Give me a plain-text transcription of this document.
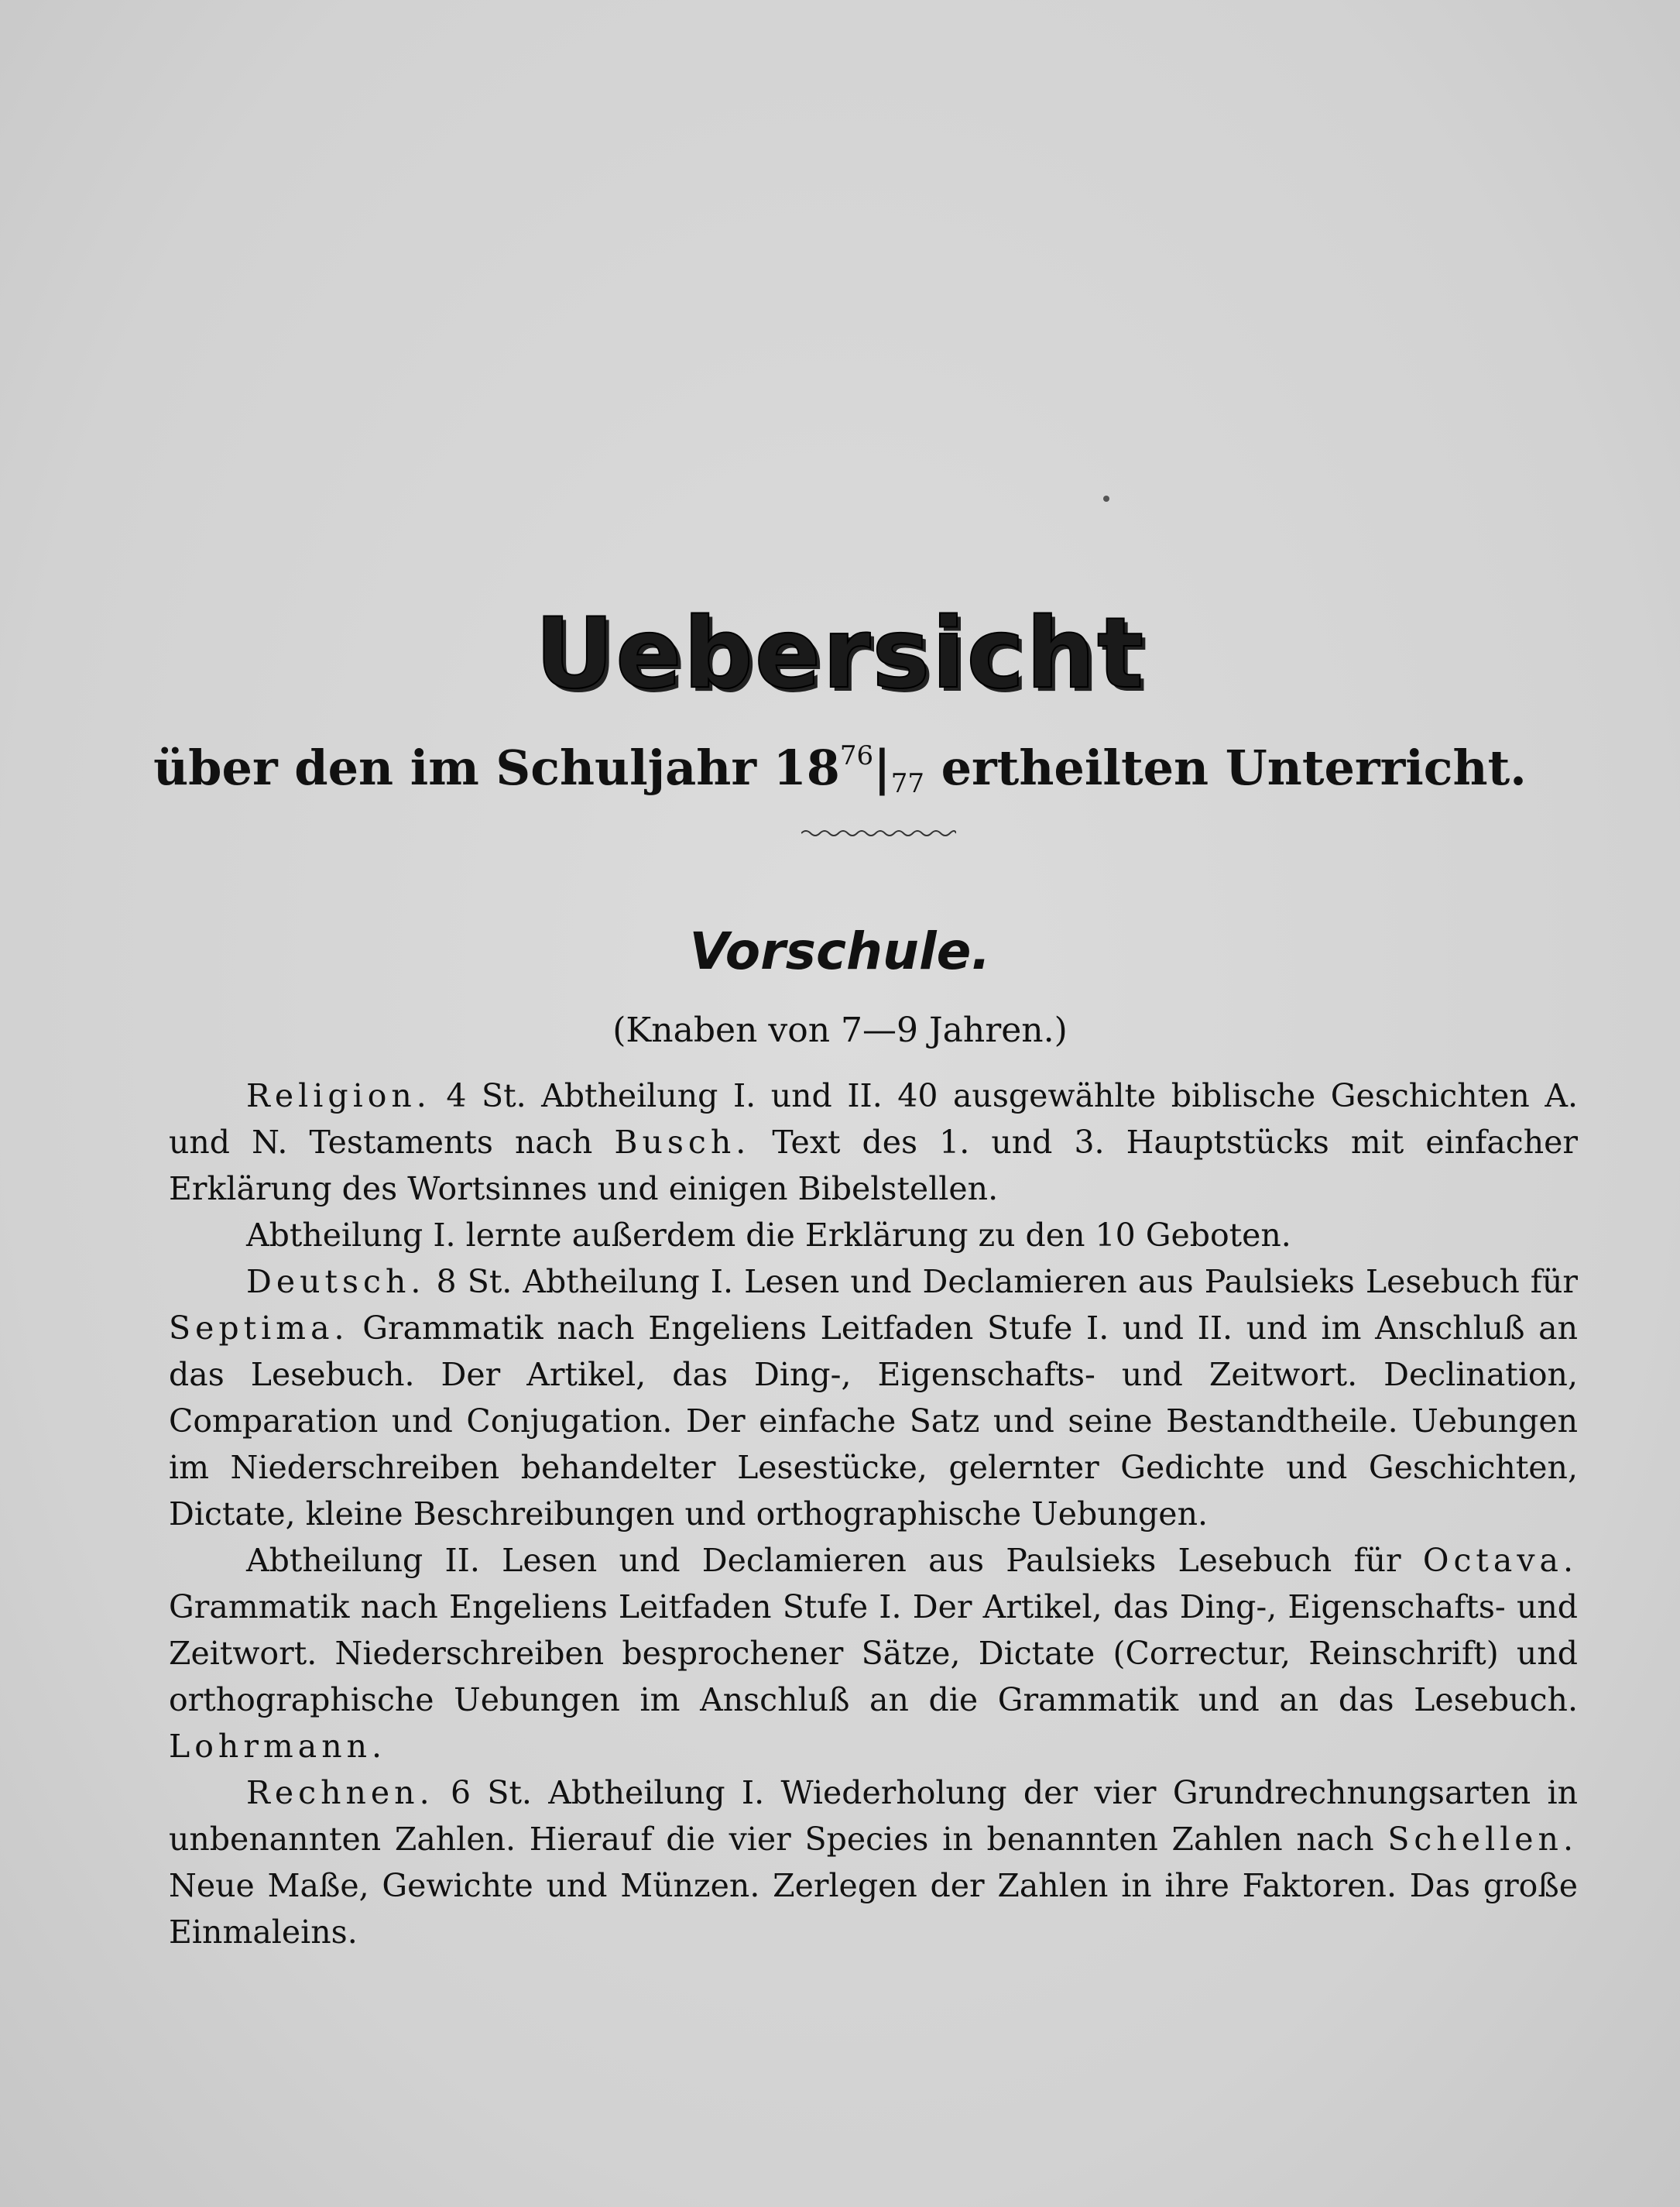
Uebersicht
über den im Schuljahr $18^{76}|_{77}$ ertheilten Unterricht.
Vorschule.
(Knaben von 7—9 Jahren.)

Religion. 4 St. Abtheilung I. und II. 40 ausgewählte biblische Geschichten A. und N. Testaments nach Busch. Text des 1. und 3. Hauptstücks mit einfacher Erklärung des Wortsinnes und einigen Bibelstellen.

Abtheilung I. lernte außerdem die Erklärung zu den 10 Geboten.

Deutsch. 8 St. Abtheilung I. Lesen und Declamieren aus Paulsieks Lesebuch für Septima. Grammatik nach Engeliens Leitfaden Stufe I. und II. und im Anschluß an das Lesebuch. Der Artikel, das Ding-, Eigenschafts- und Zeitwort. Declination, Comparation und Conjugation. Der einfache Satz und seine Bestandtheile. Uebungen im Niederschreiben behandelter Lesestücke, gelernter Gedichte und Geschichten, Dictate, kleine Beschreibungen und orthographische Uebungen.

Abtheilung II. Lesen und Declamieren aus Paulsieks Lesebuch für Octava. Grammatik nach Engeliens Leitfaden Stufe I. Der Artikel, das Ding-, Eigenschafts- und Zeitwort. Niederschreiben besprochener Sätze, Dictate (Correctur, Reinschrift) und orthographische Uebungen im Anschluß an die Grammatik und an das Lesebuch. Lohrmann.

Rechnen. 6 St. Abtheilung I. Wiederholung der vier Grundrechnungsarten in unbenannten Zahlen. Hierauf die vier Species in benannten Zahlen nach Schellen. Neue Maße, Gewichte und Münzen. Zerlegen der Zahlen in ihre Faktoren. Das große Einmaleins.
